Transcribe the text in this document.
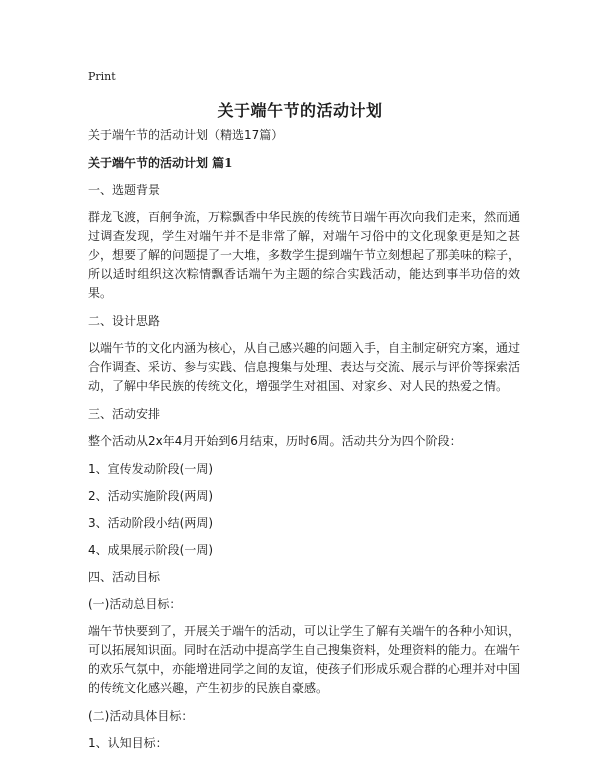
Print
关于端午节的活动计划

关于端午节的活动计划（精选17篇）

关于端午节的活动计划 篇1

一、选题背景

群龙飞渡，百舸争流，万粽飘香中华民族的传统节日端午再次向我们走来，然而通过调查发现，学生对端午并不是非常了解，对端午习俗中的文化现象更是知之甚少，想要了解的问题提了一大堆，多数学生提到端午节立刻想起了那美味的粽子，所以适时组织这次粽情飘香话端午为主题的综合实践活动，能达到事半功倍的效果。

二、设计思路

以端午节的文化内涵为核心，从自己感兴趣的问题入手，自主制定研究方案，通过合作调查、采访、参与实践、信息搜集与处理、表达与交流、展示与评价等探索活动，了解中华民族的传统文化，增强学生对祖国、对家乡、对人民的热爱之情。

三、活动安排

整个活动从2x年4月开始到6月结束，历时6周。活动共分为四个阶段：

1、宣传发动阶段(一周)

2、活动实施阶段(两周)

3、活动阶段小结(两周)

4、成果展示阶段(一周)

四、活动目标

(一)活动总目标：

端午节快要到了，开展关于端午的活动，可以让学生了解有关端午的各种小知识，可以拓展知识面。同时在活动中提高学生自己搜集资料，处理资料的能力。在端午的欢乐气氛中，亦能增进同学之间的友谊，使孩子们形成乐观合群的心理并对中国的传统文化感兴趣，产生初步的民族自豪感。

(二)活动具体目标：

1、认知目标：
